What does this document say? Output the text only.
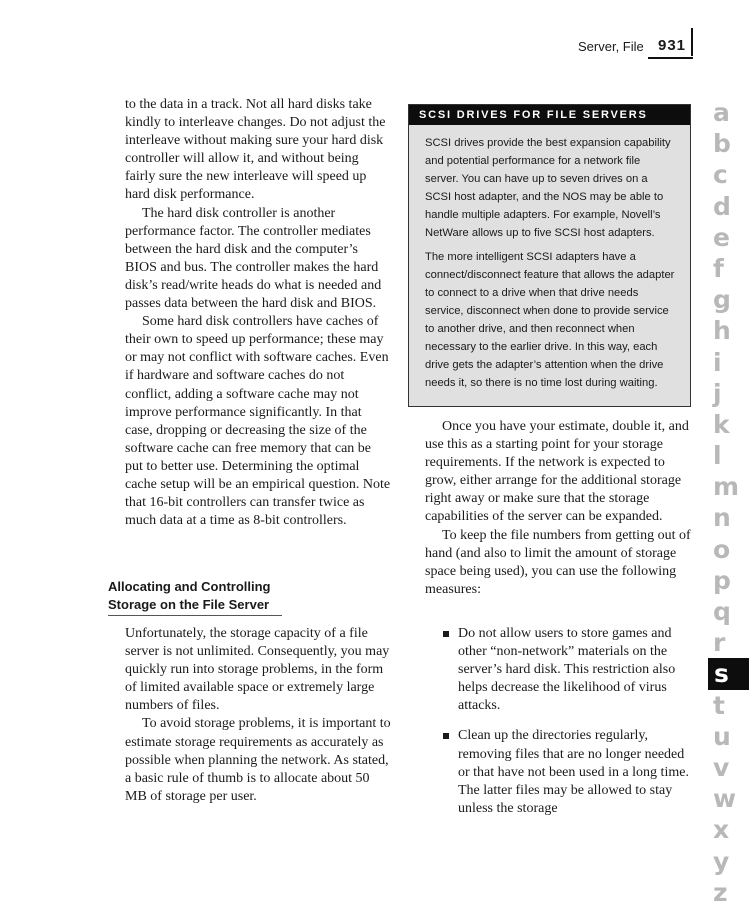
Server, File 931

to the data in a track. Not all hard disks take kindly to interleave changes. Do not adjust the interleave without making sure your hard disk controller will allow it, and without being fairly sure the new interleave will speed up hard disk performance.

The hard disk controller is another performance factor. The controller mediates between the hard disk and the computer’s BIOS and bus. The controller makes the hard disk’s read/write heads do what is needed and passes data between the hard disk and BIOS.

Some hard disk controllers have caches of their own to speed up performance; these may or may not conflict with software caches. Even if hardware and software caches do not conflict, adding a software cache may not improve performance significantly. In that case, dropping or decreasing the size of the software cache can free memory that can be put to better use. Determining the optimal cache setup will be an empirical question. Note that 16-bit controllers can transfer twice as much data at a time as 8-bit controllers.

Allocating and Controlling Storage on the File Server

Unfortunately, the storage capacity of a file server is not unlimited. Consequently, you may quickly run into storage problems, in the form of limited available space or extremely large numbers of files.

To avoid storage problems, it is important to estimate storage requirements as accurately as possible when planning the network. As stated, a basic rule of thumb is to allocate about 50 MB of storage per user.

SCSI DRIVES FOR FILE SERVERS

SCSI drives provide the best expansion capability and potential performance for a network file server. You can have up to seven drives on a SCSI host adapter, and the NOS may be able to handle multiple adapters. For example, Novell’s NetWare allows up to five SCSI host adapters.

The more intelligent SCSI adapters have a connect/disconnect feature that allows the adapter to connect to a drive when that drive needs service, disconnect when done to provide service to another drive, and then reconnect when necessary to the earlier drive. In this way, each drive gets the adapter’s attention when the drive needs it, so there is no time lost during waiting.

Once you have your estimate, double it, and use this as a starting point for your storage requirements. If the network is expected to grow, either arrange for the additional storage right away or make sure that the storage capabilities of the server can be expanded.

To keep the file numbers from getting out of hand (and also to limit the amount of storage space being used), you can use the following measures:

Do not allow users to store games and other “non-network” materials on the server’s hard disk. This restriction also helps decrease the likelihood of virus attacks.
Clean up the directories regularly, removing files that are no longer needed or that have not been used in a long time. The latter files may be allowed to stay unless the storage
a
b
c
d
e
f
g
h
i
j
k
l
m
n
o
p
q
r
s
t
u
v
w
x
y
z
